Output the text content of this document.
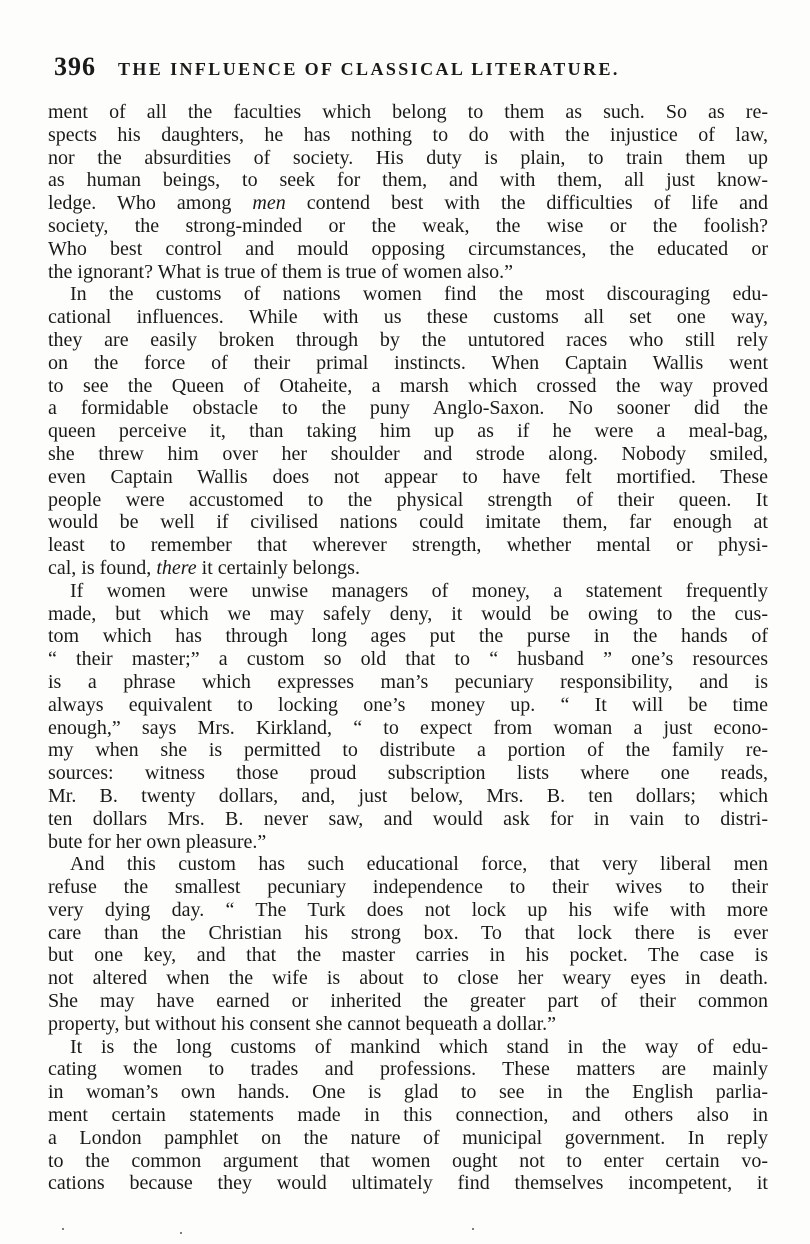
396 THE INFLUENCE OF CLASSICAL LITERATURE.
ment of all the faculties which belong to them as such. So as re-
spects his daughters, he has nothing to do with the injustice of law,
nor the absurdities of society. His duty is plain, to train them up
as human beings, to seek for them, and with them, all just know-
ledge. Who among men contend best with the difficulties of life and
society, the strong-minded or the weak, the wise or the foolish?
Who best control and mould opposing circumstances, the educated or
the ignorant? What is true of them is true of women also.”
In the customs of nations women find the most discouraging edu-
cational influences. While with us these customs all set one way,
they are easily broken through by the untutored races who still rely
on the force of their primal instincts. When Captain Wallis went
to see the Queen of Otaheite, a marsh which crossed the way proved
a formidable obstacle to the puny Anglo-Saxon. No sooner did the
queen perceive it, than taking him up as if he were a meal-bag,
she threw him over her shoulder and strode along. Nobody smiled,
even Captain Wallis does not appear to have felt mortified. These
people were accustomed to the physical strength of their queen. It
would be well if civilised nations could imitate them, far enough at
least to remember that wherever strength, whether mental or physi-
cal, is found, there it certainly belongs.
If women were unwise managers of money, a statement frequently
made, but which we may safely deny, it would be owing to the cus-
tom which has through long ages put the purse in the hands of
“ their master;” a custom so old that to “ husband ” one’s resources
is a phrase which expresses man’s pecuniary responsibility, and is
always equivalent to locking one’s money up. “ It will be time
enough,” says Mrs. Kirkland, “ to expect from woman a just econo-
my when she is permitted to distribute a portion of the family re-
sources: witness those proud subscription lists where one reads,
Mr. B. twenty dollars, and, just below, Mrs. B. ten dollars; which
ten dollars Mrs. B. never saw, and would ask for in vain to distri-
bute for her own pleasure.”
And this custom has such educational force, that very liberal men
refuse the smallest pecuniary independence to their wives to their
very dying day. “ The Turk does not lock up his wife with more
care than the Christian his strong box. To that lock there is ever
but one key, and that the master carries in his pocket. The case is
not altered when the wife is about to close her weary eyes in death.
She may have earned or inherited the greater part of their common
property, but without his consent she cannot bequeath a dollar.”
It is the long customs of mankind which stand in the way of edu-
cating women to trades and professions. These matters are mainly
in woman’s own hands. One is glad to see in the English parlia-
ment certain statements made in this connection, and others also in
a London pamphlet on the nature of municipal government. In reply
to the common argument that women ought not to enter certain vo-
cations because they would ultimately find themselves incompetent, it
